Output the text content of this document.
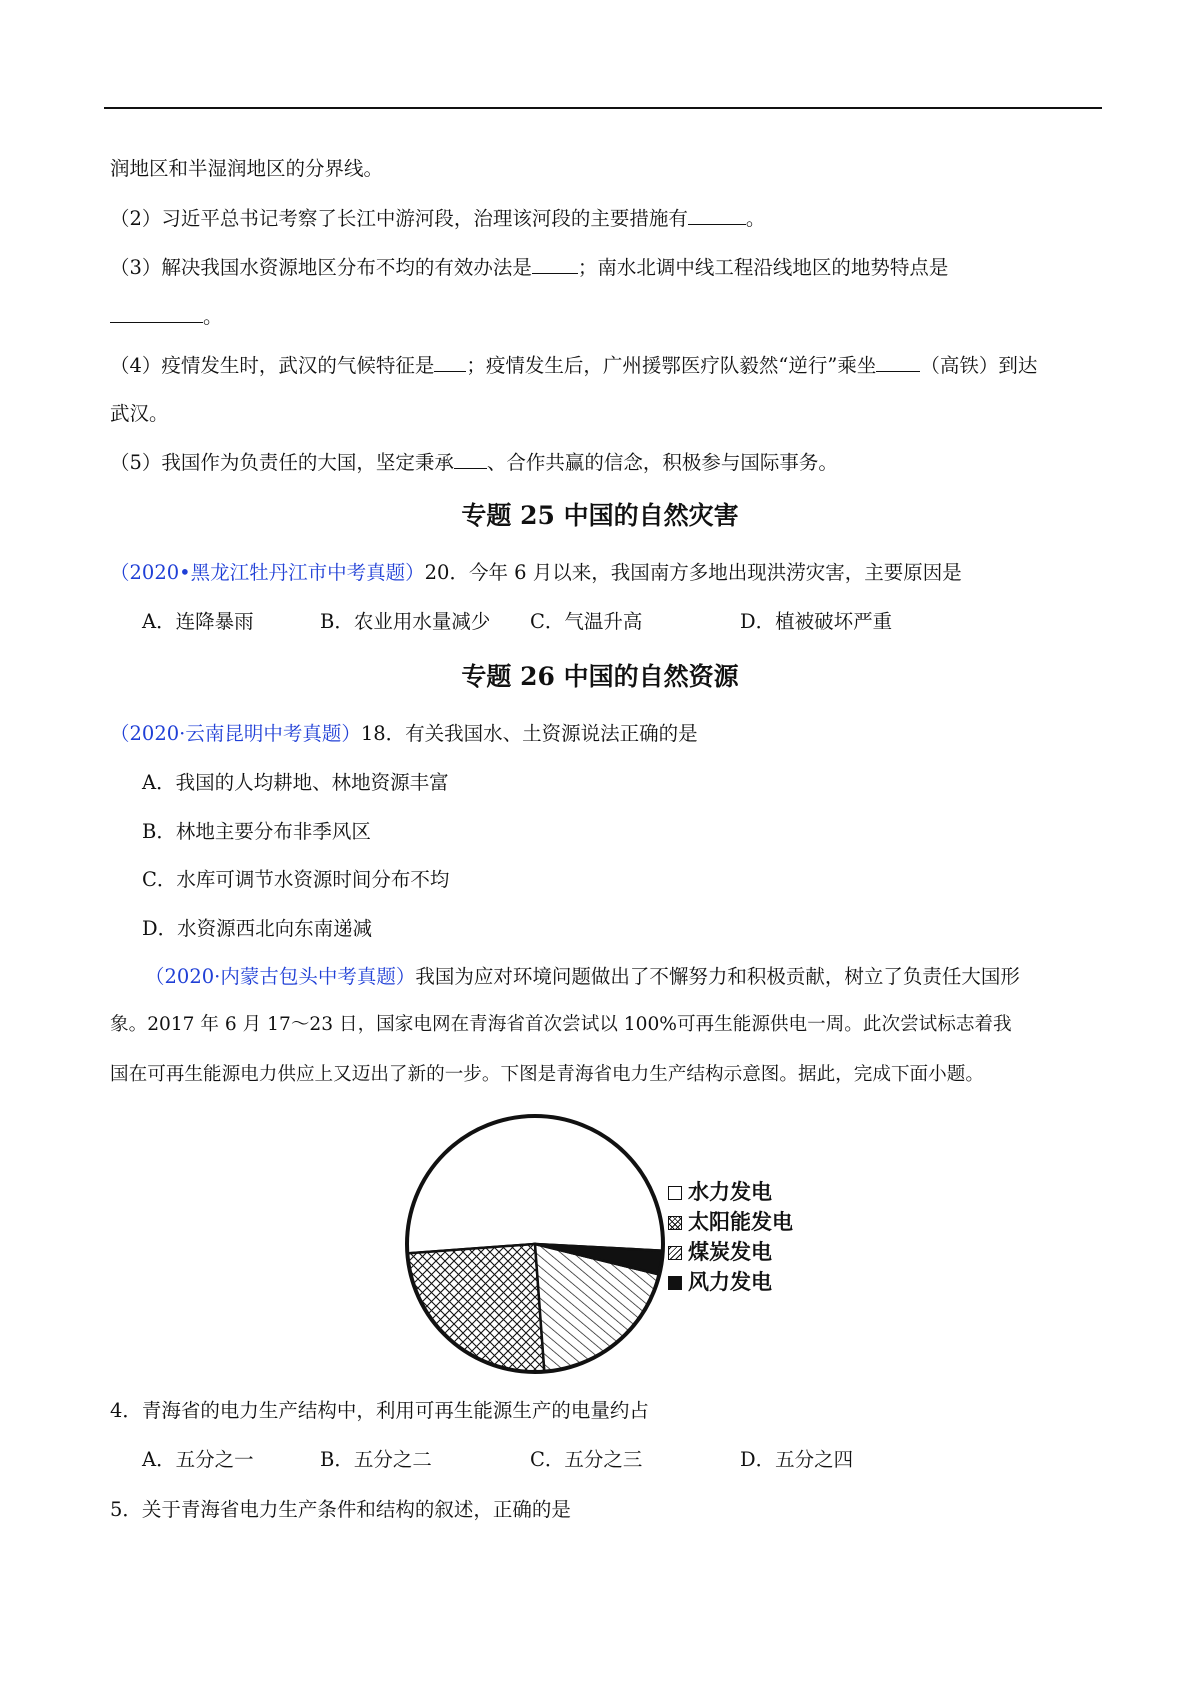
润地区和半湿润地区的分界线。
（2）习近平总书记考察了长江中游河段，治理该河段的主要措施有	。
（3）解决我国水资源地区分布不均的有效办法是 ；南水北调中线工程沿线地区的地势特点是
。
（4）疫情发生时，武汉的气候特征是 ；疫情发生后，广州援鄂医疗队毅然“逆行”乘坐 （高铁）到达
武汉。
（5）我国作为负责任的大国，坚定秉承 、合作共赢的信念，积极参与国际事务。
专题 25 中国的自然灾害
（2020•黑龙江牡丹江市中考真题）20．今年 6 月以来，我国南方多地出现洪涝灾害，主要原因是
A．连降暴雨	B．农业用水量减少 C．气温升高	D．植被破坏严重
专题 26 中国的自然资源
（2020·云南昆明中考真题）18．有关我国水、土资源说法正确的是
A．我国的人均耕地、林地资源丰富
B．林地主要分布非季风区
C．水库可调节水资源时间分布不均
D．水资源西北向东南递减
（2020·内蒙古包头中考真题）我国为应对环境问题做出了不懈努力和积极贡献，树立了负责任大国形
象。2017 年 6 月 17～23 日，国家电网在青海省首次尝试以 100%可再生能源供电一周。此次尝试标志着我
国在可再生能源电力供应上又迈出了新的一步。下图是青海省电力生产结构示意图。据此，完成下面小题。
水力发电
太阳能发电
煤炭发电
风力发电
4．青海省的电力生产结构中，利用可再生能源生产的电量约占
A．五分之一	B．五分之二	C．五分之三	D．五分之四
5．关于青海省电力生产条件和结构的叙述，正确的是
